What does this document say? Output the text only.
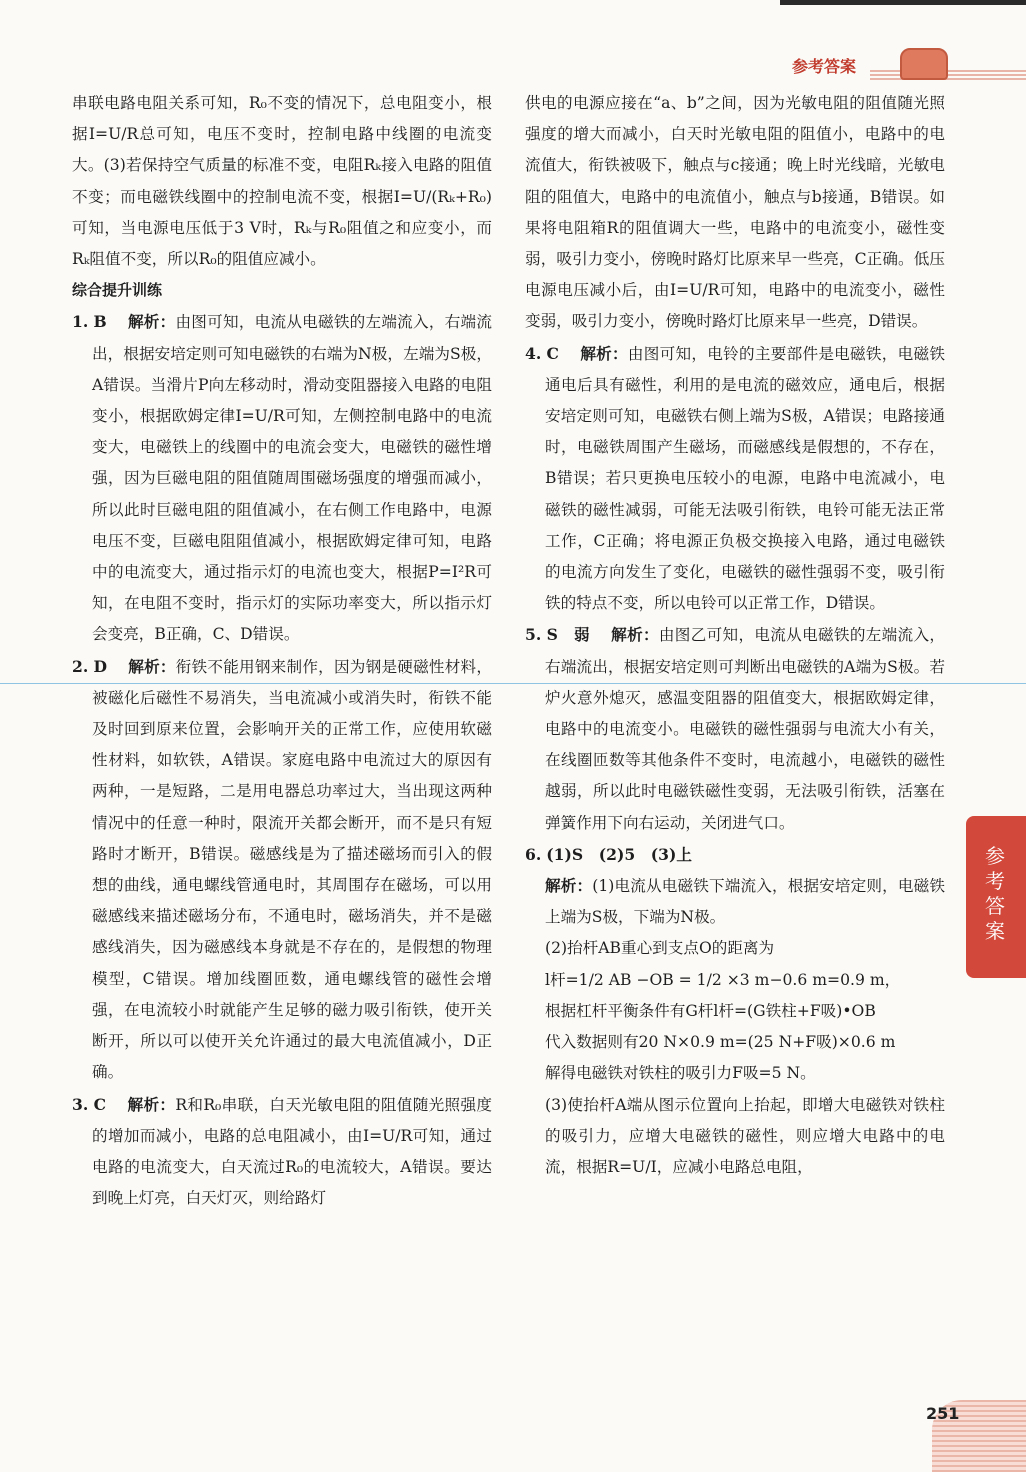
参考答案

串联电路电阻关系可知，R₀不变的情况下，总电阻变小，根据I=U/R总可知，电压不变时，控制电路中线圈的电流变大。(3)若保持空气质量的标准不变，电阻Rₖ接入电路的阻值不变；而电磁铁线圈中的控制电流不变，根据I=U/(Rₖ+R₀)可知，当电源电压低于3 V时，Rₖ与R₀阻值之和应变小，而Rₖ阻值不变，所以R₀的阻值应减小。

综合提升训练

1. B　 解析：由图可知，电流从电磁铁的左端流入，右端流出，根据安培定则可知电磁铁的右端为N极，左端为S极，A错误。当滑片P向左移动时，滑动变阻器接入电路的电阻变小，根据欧姆定律I=U/R可知，左侧控制电路中的电流变大，电磁铁上的线圈中的电流会变大，电磁铁的磁性增强，因为巨磁电阻的阻值随周围磁场强度的增强而减小，所以此时巨磁电阻的阻值减小，在右侧工作电路中，电源电压不变，巨磁电阻阻值减小，根据欧姆定律可知，电路中的电流变大，通过指示灯的电流也变大，根据P=I²R可知，在电阻不变时，指示灯的实际功率变大，所以指示灯会变亮，B正确，C、D错误。

2. D　 解析：衔铁不能用钢来制作，因为钢是硬磁性材料，被磁化后磁性不易消失，当电流减小或消失时，衔铁不能及时回到原来位置，会影响开关的正常工作，应使用软磁性材料，如软铁，A错误。家庭电路中电流过大的原因有两种，一是短路，二是用电器总功率过大，当出现这两种情况中的任意一种时，限流开关都会断开，而不是只有短路时才断开，B错误。磁感线是为了描述磁场而引入的假想的曲线，通电螺线管通电时，其周围存在磁场，可以用磁感线来描述磁场分布，不通电时，磁场消失，并不是磁感线消失，因为磁感线本身就是不存在的，是假想的物理模型，C错误。增加线圈匝数，通电螺线管的磁性会增强，在电流较小时就能产生足够的磁力吸引衔铁，使开关断开，所以可以使开关允许通过的最大电流值减小，D正确。

3. C　 解析：R和R₀串联，白天光敏电阻的阻值随光照强度的增加而减小，电路的总电阻减小，由I=U/R可知，通过电路的电流变大，白天流过R₀的电流较大，A错误。要达到晚上灯亮，白天灯灭，则给路灯

供电的电源应接在“a、b”之间，因为光敏电阻的阻值随光照强度的增大而减小，白天时光敏电阻的阻值小，电路中的电流值大，衔铁被吸下，触点与c接通；晚上时光线暗，光敏电阻的阻值大，电路中的电流值小，触点与b接通，B错误。如果将电阻箱R的阻值调大一些，电路中的电流变小，磁性变弱，吸引力变小，傍晚时路灯比原来早一些亮，C正确。低压电源电压减小后，由I=U/R可知，电路中的电流变小，磁性变弱，吸引力变小，傍晚时路灯比原来早一些亮，D错误。

4. C　 解析：由图可知，电铃的主要部件是电磁铁，电磁铁通电后具有磁性，利用的是电流的磁效应，通电后，根据安培定则可知，电磁铁右侧上端为S极，A错误；电路接通时，电磁铁周围产生磁场，而磁感线是假想的，不存在，B错误；若只更换电压较小的电源，电路中电流减小，电磁铁的磁性减弱，可能无法吸引衔铁，电铃可能无法正常工作，C正确；将电源正负极交换接入电路，通过电磁铁的电流方向发生了变化，电磁铁的磁性强弱不变，吸引衔铁的特点不变，所以电铃可以正常工作，D错误。

5. S　弱　 解析：由图乙可知，电流从电磁铁的左端流入，右端流出，根据安培定则可判断出电磁铁的A端为S极。若炉火意外熄灭，感温变阻器的阻值变大，根据欧姆定律，电路中的电流变小。电磁铁的磁性强弱与电流大小有关，在线圈匝数等其他条件不变时，电流越小，电磁铁的磁性越弱，所以此时电磁铁磁性变弱，无法吸引衔铁，活塞在弹簧作用下向右运动，关闭进气口。

6. (1)S　(2)5　(3)上

解析：(1)电流从电磁铁下端流入，根据安培定则，电磁铁上端为S极，下端为N极。

(2)抬杆AB重心到支点O的距离为

l杆=1/2 AB −OB = 1/2 ×3 m−0.6 m=0.9 m，

根据杠杆平衡条件有G杆l杆=(G铁柱+F吸)•OB

代入数据则有20 N×0.9 m=(25 N+F吸)×0.6 m

解得电磁铁对铁柱的吸引力F吸=5 N。

(3)使抬杆A端从图示位置向上抬起，即增大电磁铁对铁柱的吸引力，应增大电磁铁的磁性，则应增大电路中的电流，根据R=U/I，应减小电路总电阻，

参考答案
251
